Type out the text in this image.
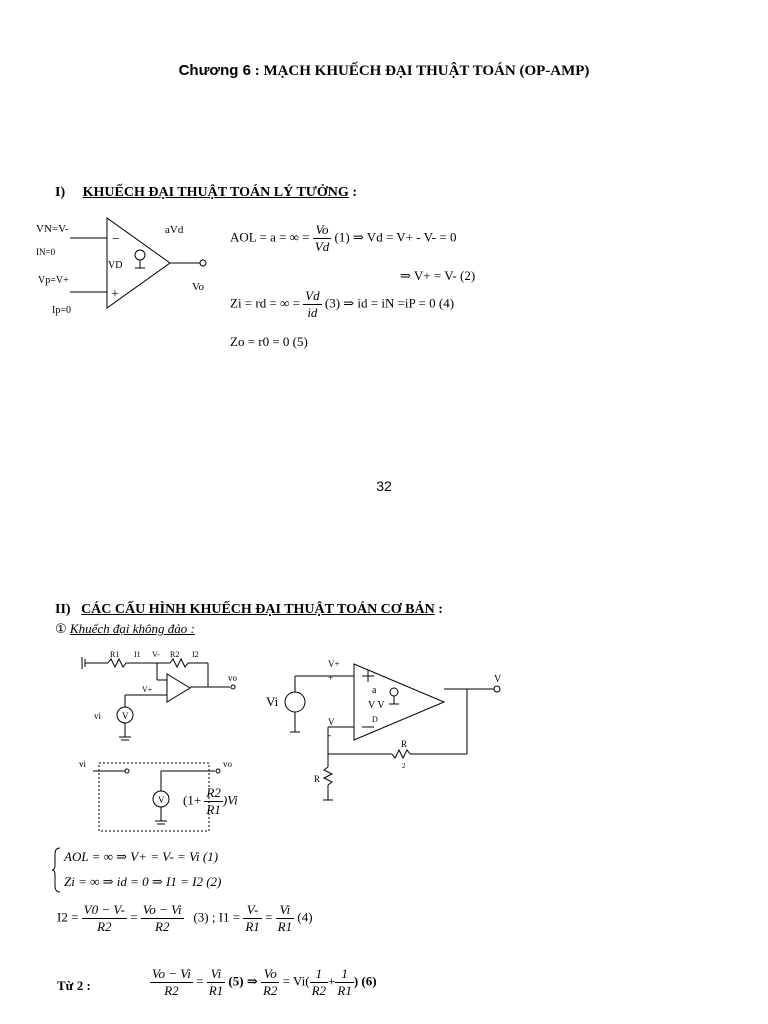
Chương 6 : MẠCH KHUẾCH ĐẠI THUẬT TOÁN (OP-AMP)
I) KHUẾCH ĐẠI THUẬT TOÁN LÝ TƯỞNG :
−
+
VN=V-
IN=0
Vp=V+
Ip=0
aVd
VD
Vo
AOL = a = ∞ = $\frac{Vo}{Vd} (1)$ ⇒ Vd = V+ - V- = 0
⇒ V+ = V- (2)
Zi = rd = ∞ = $\frac{Vd}{id} (3)$ ⇒ id = iN =iP = 0 (4)
Zo = r0 = 0 (5)
32
II) CÁC CẤU HÌNH KHUẾCH ĐẠI THUẬT TOÁN CƠ BẢN :
① Khuếch đại không đảo :
V
R1 I1 V- R2 I2
V+
vo
vi
V
vi	vo
$(1+ \frac{R2}{R1} )Vi$
V+
+
V
-
Vi
a
V V
D
V
R
2
R
AOL = ∞ ⇒ V+ = V- = Vi (1)
Zi = ∞ ⇒ id = 0 ⇒ I1 = I2 (2)
$I2 = \frac{V0 - V-}{R2} = \frac{Vo - Vi}{R2} (3)$ ; $I1 = \frac{V-}{R1} = \frac{Vi}{R1} (4)$
Từ 2 :	$\frac{Vo - Vi}{R2} = \frac{Vi}{R1} (5)$ ⇒ $\frac{Vo}{R2} = Vi( \frac{1}{R2} + \frac{1}{R1}$ ) (6)
